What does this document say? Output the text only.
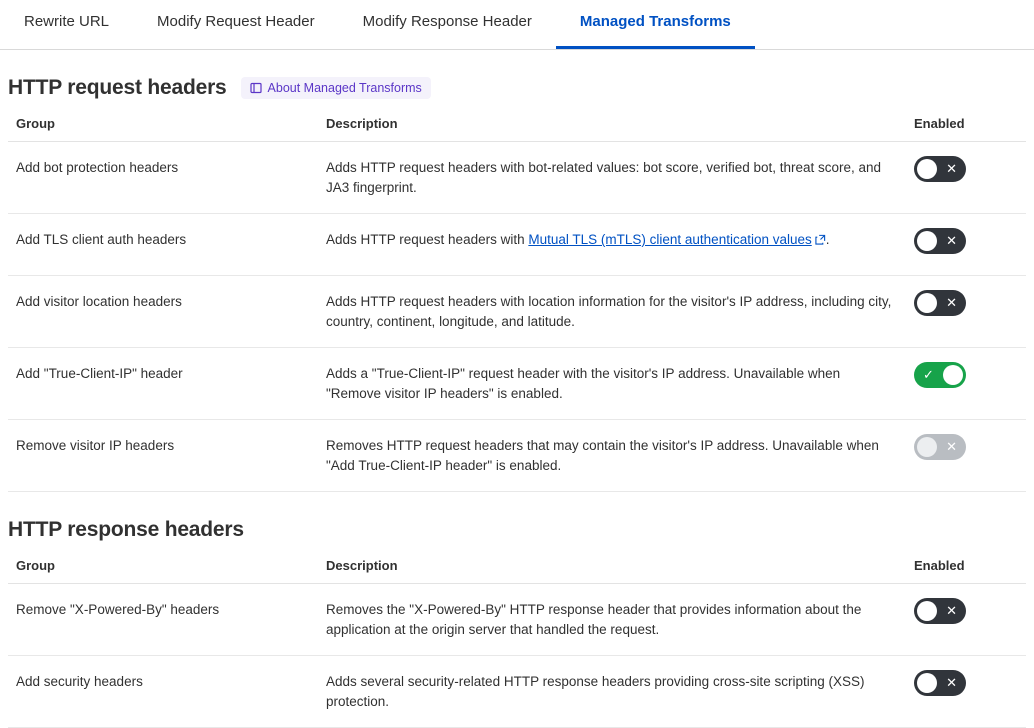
Rewrite URL	Modify Request Header	Modify Response Header	Managed Transforms
HTTP request headers	About Managed Transforms
Group	Description	Enabled
Add bot protection headers	Adds HTTP request headers with bot-related values: bot score, verified bot, threat score, and JA3 fingerprint.	✕

Add TLS client auth headers	Adds HTTP request headers with Mutual TLS (mTLS) client authentication values .	✕

Add visitor location headers	Adds HTTP request headers with location information for the visitor's IP address, including city, country, continent, longitude, and latitude.	✕

Add "True-Client-IP" header	Adds a "True-Client-IP" request header with the visitor's IP address. Unavailable when "Remove visitor IP headers" is enabled.	✓

Remove visitor IP headers	Removes HTTP request headers that may contain the visitor's IP address. Unavailable when "Add True-Client-IP header" is enabled.	✕
HTTP response headers
Group	Description	Enabled
Remove "X-Powered-By" headers	Removes the "X-Powered-By" HTTP response header that provides information about the application at the origin server that handled the request.	✕

Add security headers	Adds several security-related HTTP response headers providing cross-site scripting (XSS) protection.	✕
